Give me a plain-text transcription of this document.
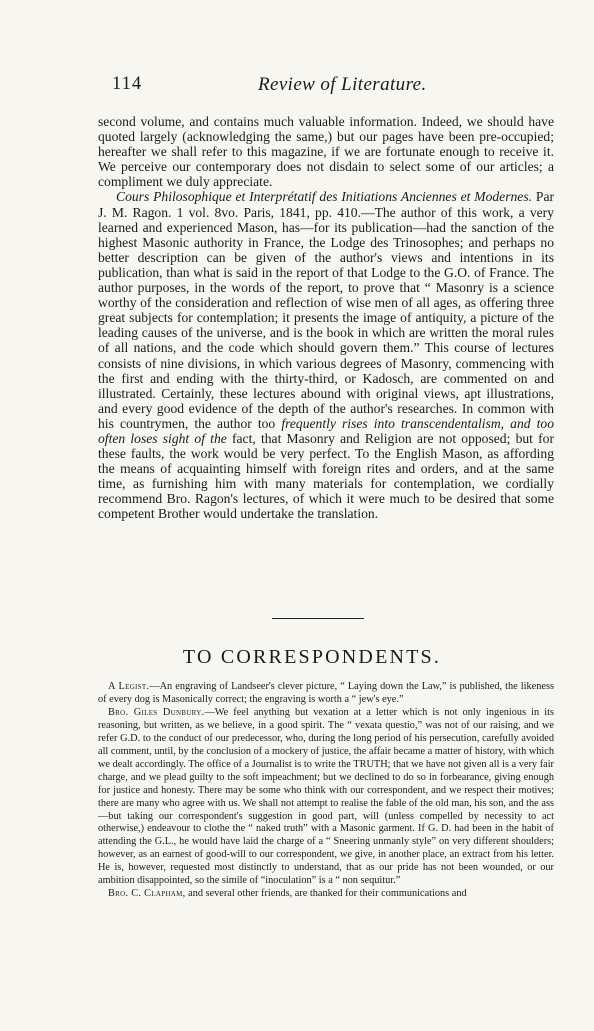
114	Review of Literature.

second volume, and contains much valuable information. Indeed, we should have quoted largely (acknowledging the same,) but our pages have been pre-occupied; hereafter we shall refer to this magazine, if we are fortunate enough to receive it. We perceive our contemporary does not disdain to select some of our articles; a compliment we duly appreciate.

Cours Philosophique et Interprétatif des Initiations Anciennes et Modernes. Par J. M. Ragon. 1 vol. 8vo. Paris, 1841, pp. 410.—The author of this work, a very learned and experienced Mason, has—for its publication—had the sanction of the highest Masonic authority in France, the Lodge des Trinosophes; and perhaps no better description can be given of the author's views and intentions in its publication, than what is said in the report of that Lodge to the G.O. of France. The author purposes, in the words of the report, to prove that “ Masonry is a science worthy of the consideration and reflection of wise men of all ages, as offering three great subjects for contemplation; it presents the image of antiquity, a picture of the leading causes of the universe, and is the book in which are written the moral rules of all nations, and the code which should govern them.” This course of lectures consists of nine divisions, in which various degrees of Masonry, commencing with the first and ending with the thirty-third, or Kadosch, are commented on and illustrated. Certainly, these lectures abound with original views, apt illustrations, and every good evidence of the depth of the author's researches. In common with his countrymen, the author too frequently rises into transcendentalism, and too often loses sight of the fact, that Masonry and Religion are not opposed; but for these faults, the work would be very perfect. To the English Mason, as affording the means of acquainting himself with foreign rites and orders, and at the same time, as furnishing him with many materials for contemplation, we cordially recommend Bro. Ragon's lectures, of which it were much to be desired that some competent Brother would undertake the translation.

TO CORRESPONDENTS.

A Legist.—An engraving of Landseer's clever picture, “ Laying down the Law,” is published, the likeness of every dog is Masonically correct; the engraving is worth a “ jew's eye.”

Bro. Giles Dunbury.—We feel anything but vexation at a letter which is not only ingenious in its reasoning, but written, as we believe, in a good spirit. The “ vexata questio,” was not of our raising, and we refer G.D. to the conduct of our predecessor, who, during the long period of his persecution, carefully avoided all comment, until, by the conclusion of a mockery of justice, the affair became a matter of history, with which we dealt accordingly. The office of a Journalist is to write the TRUTH; that we have not given all is a very fair charge, and we plead guilty to the soft impeachment; but we declined to do so in forbearance, giving enough for justice and honesty. There may be some who think with our correspondent, and we respect their motives; there are many who agree with us. We shall not attempt to realise the fable of the old man, his son, and the ass—but taking our correspondent's suggestion in good part, will (unless compelled by necessity to act otherwise,) endeavour to clothe the “ naked truth” with a Masonic garment. If G. D. had been in the habit of attending the G.L., he would have laid the charge of a “ Sneering unmanly style” on very different shoulders; however, as an earnest of good-will to our correspondent, we give, in another place, an extract from his letter. He is, however, requested most distinctly to understand, that as our pride has not been wounded, or our ambition disappointed, so the simile of “inoculation” is a “ non sequitur.”

Bro. C. Clapham, and several other friends, are thanked for their communications and
